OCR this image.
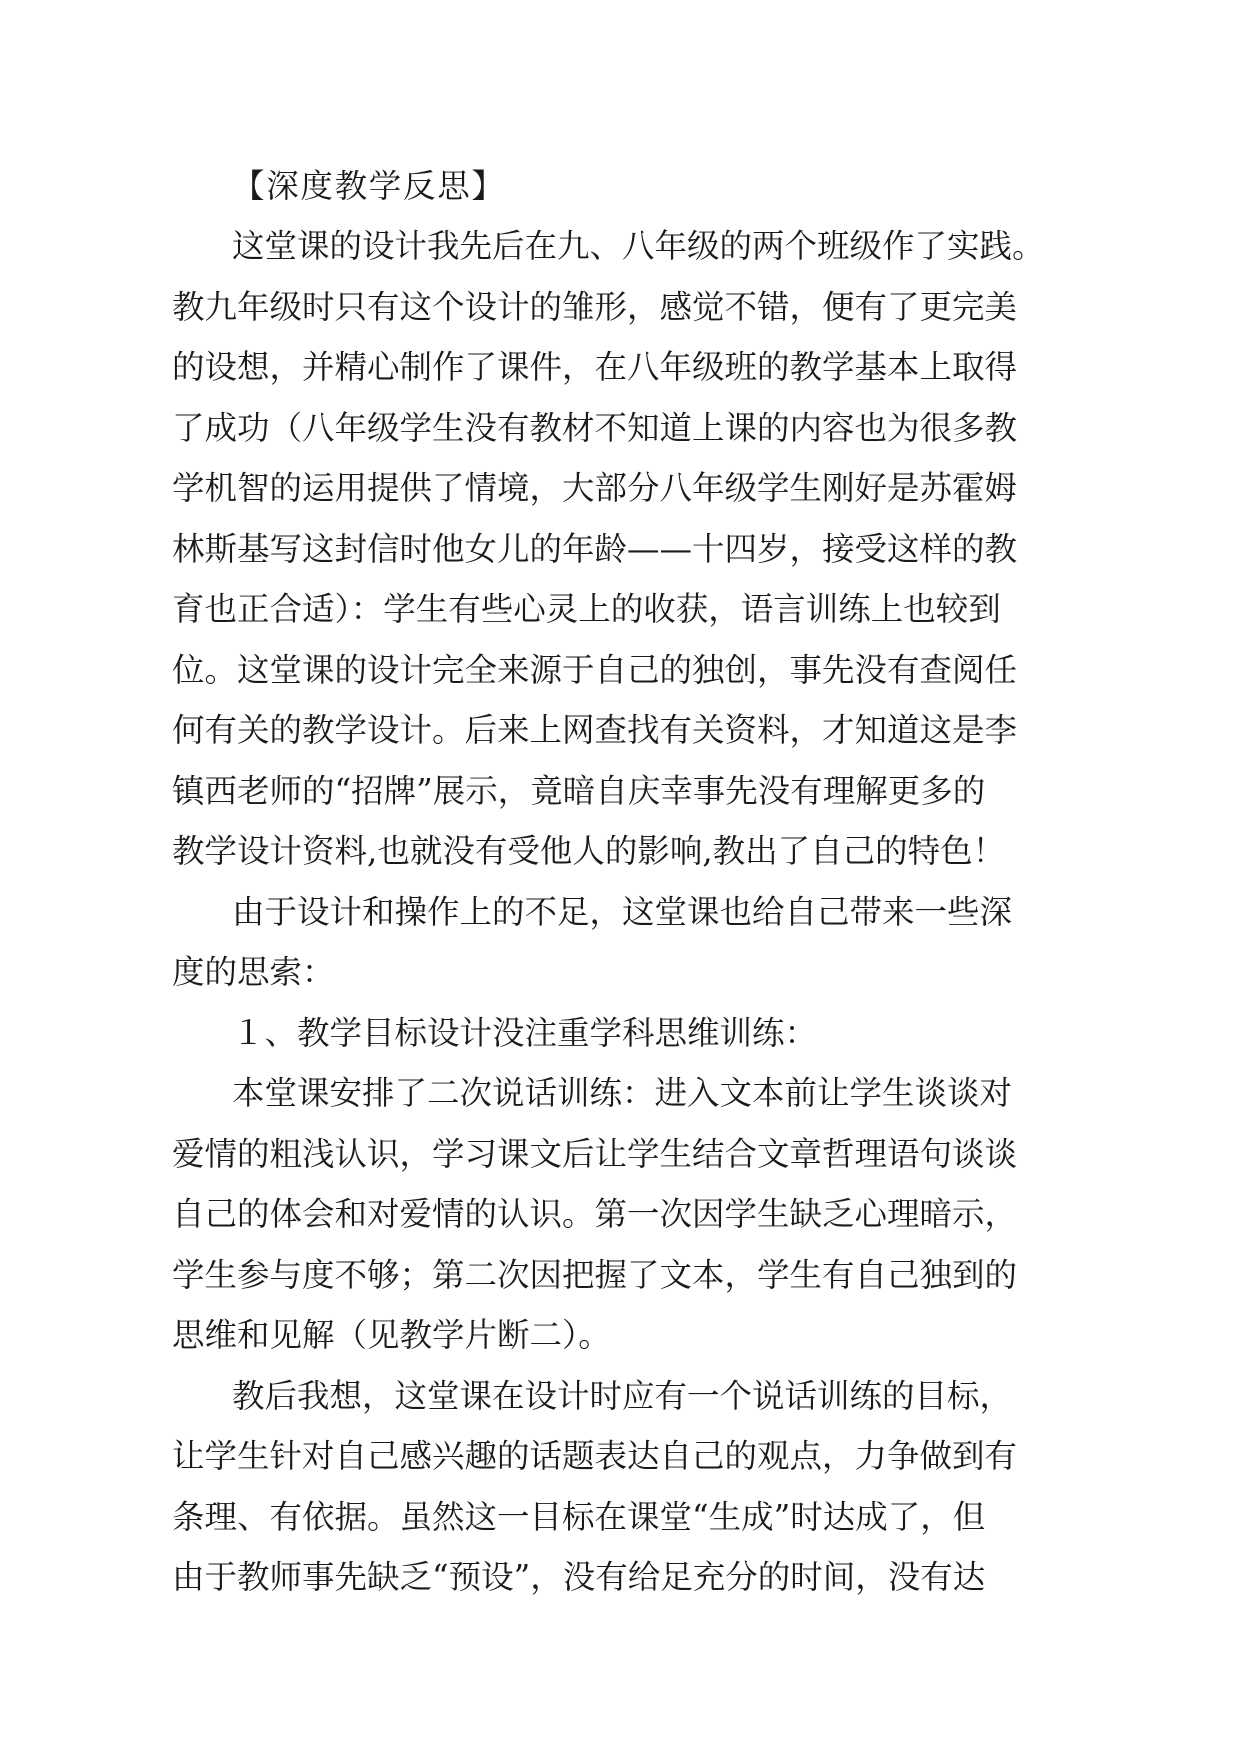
【深度教学反思】
这堂课的设计我先后在九、八年级的两个班级作了实践。
教九年级时只有这个设计的雏形，感觉不错，便有了更完美
的设想，并精心制作了课件，在八年级班的教学基本上取得
了成功（八年级学生没有教材不知道上课的内容也为很多教
学机智的运用提供了情境，大部分八年级学生刚好是苏霍姆
林斯基写这封信时他女儿的年龄——十四岁，接受这样的教
育也正合适）：学生有些心灵上的收获，语言训练上也较到
位。这堂课的设计完全来源于自己的独创，事先没有查阅任
何有关的教学设计。后来上网查找有关资料，才知道这是李
镇西老师的“招牌”展示，竟暗自庆幸事先没有理解更多的
教学设计资料,也就没有受他人的影响,教出了自己的特色！
由于设计和操作上的不足，这堂课也给自己带来一些深
度的思索：
１、教学目标设计没注重学科思维训练：
本堂课安排了二次说话训练：进入文本前让学生谈谈对
爱情的粗浅认识，学习课文后让学生结合文章哲理语句谈谈
自己的体会和对爱情的认识。第一次因学生缺乏心理暗示，
学生参与度不够；第二次因把握了文本，学生有自己独到的
思维和见解（见教学片断二）。
教后我想，这堂课在设计时应有一个说话训练的目标，
让学生针对自己感兴趣的话题表达自己的观点，力争做到有
条理、有依据。虽然这一目标在课堂“生成”时达成了，但
由于教师事先缺乏“预设”，没有给足充分的时间，没有达
